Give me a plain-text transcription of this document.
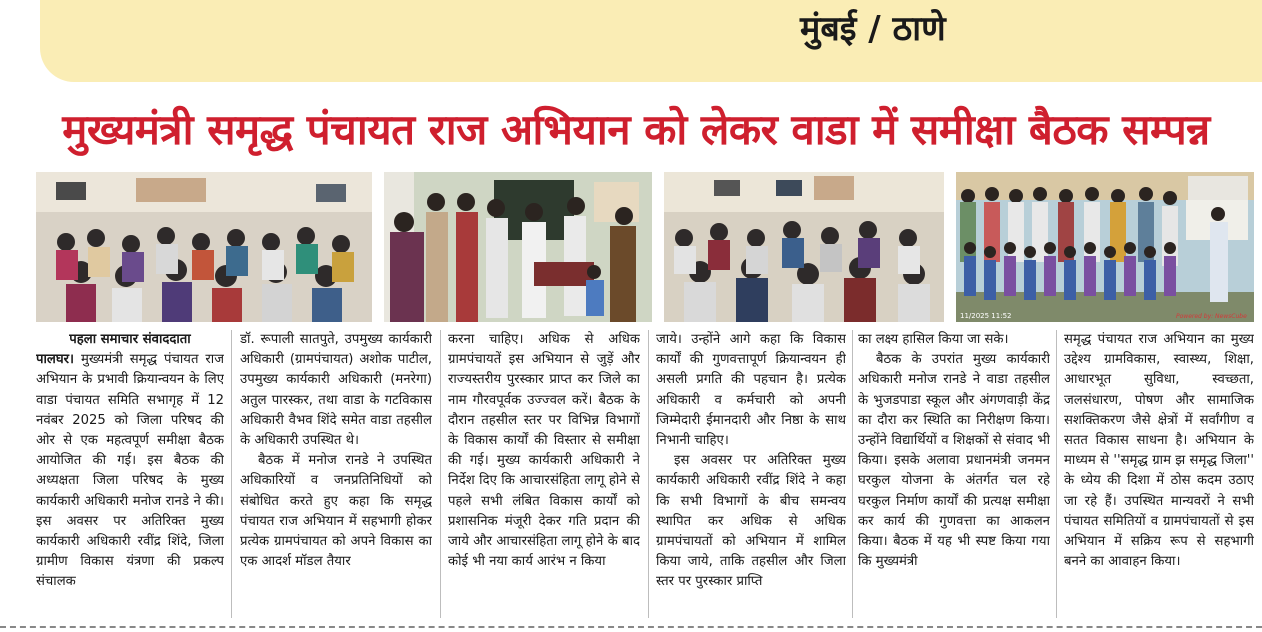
मुंबई / ठाणे
मुख्यमंत्री समृद्ध पंचायत राज अभियान को लेकर वाडा में समीक्षा बैठक सम्पन्न
11/2025 11:52	Powered by: NewsCube
पहला समाचार संवाददाता

पालघर। मुख्यमंत्री समृद्ध पंचायत राज अभियान के प्रभावी क्रियान्वयन के लिए वाडा पंचायत समिति सभागृह में 12 नवंबर 2025 को जिला परिषद की ओर से एक महत्वपूर्ण समीक्षा बैठक आयोजित की गई। इस बैठक की अध्यक्षता जिला परिषद के मुख्य कार्यकारी अधिकारी मनोज रानडे ने की। इस अवसर पर अतिरिक्त मुख्य कार्यकारी अधिकारी रवींद्र शिंदे, जिला ग्रामीण विकास यंत्रणा की प्रकल्प संचालक

डॉ. रूपाली सातपुते, उपमुख्य कार्यकारी अधिकारी (ग्रामपंचायत) अशोक पाटील, उपमुख्य कार्यकारी अधिकारी (मनरेगा) अतुल पारस्कर, तथा वाडा के गटविकास अधिकारी वैभव शिंदे समेत वाडा तहसील के अधिकारी उपस्थित थे।

बैठक में मनोज रानडे ने उपस्थित अधिकारियों व जनप्रतिनिधियों को संबोधित करते हुए कहा कि समृद्ध पंचायत राज अभियान में सहभागी होकर प्रत्येक ग्रामपंचायत को अपने विकास का एक आदर्श मॉडल तैयार

करना चाहिए। अधिक से अधिक ग्रामपंचायतें इस अभियान से जुड़ें और राज्यस्तरीय पुरस्कार प्राप्त कर जिले का नाम गौरवपूर्वक उज्ज्वल करें। बैठक के दौरान तहसील स्तर पर विभिन्न विभागों के विकास कार्यों की विस्तार से समीक्षा की गई। मुख्य कार्यकारी अधिकारी ने निर्देश दिए कि आचारसंहिता लागू होने से पहले सभी लंबित विकास कार्यों को प्रशासनिक मंजूरी देकर गति प्रदान की जाये और आचारसंहिता लागू होने के बाद कोई भी नया कार्य आरंभ न किया

जाये। उन्होंने आगे कहा कि विकास कार्यों की गुणवत्तापूर्ण क्रियान्वयन ही असली प्रगति की पहचान है। प्रत्येक अधिकारी व कर्मचारी को अपनी जिम्मेदारी ईमानदारी और निष्ठा के साथ निभानी चाहिए।

इस अवसर पर अतिरिक्त मुख्य कार्यकारी अधिकारी रवींद्र शिंदे ने कहा कि सभी विभागों के बीच समन्वय स्थापित कर अधिक से अधिक ग्रामपंचायतों को अभियान में शामिल किया जाये, ताकि तहसील और जिला स्तर पर पुरस्कार प्राप्ति

का लक्ष्य हासिल किया जा सके।

बैठक के उपरांत मुख्य कार्यकारी अधिकारी मनोज रानडे ने वाडा तहसील के भुजडपाडा स्कूल और अंगणवाड़ी केंद्र का दौरा कर स्थिति का निरीक्षण किया। उन्होंने विद्यार्थियों व शिक्षकों से संवाद भी किया। इसके अलावा प्रधानमंत्री जनमन घरकुल योजना के अंतर्गत चल रहे घरकुल निर्माण कार्यों की प्रत्यक्ष समीक्षा कर कार्य की गुणवत्ता का आकलन किया। बैठक में यह भी स्पष्ट किया गया कि मुख्यमंत्री

समृद्ध पंचायत राज अभियान का मुख्य उद्देश्य ग्रामविकास, स्वास्थ्य, शिक्षा, आधारभूत सुविधा, स्वच्छता, जलसंधारण, पोषण और सामाजिक सशक्तिकरण जैसे क्षेत्रों में सर्वांगीण व सतत विकास साधना है। अभियान के माध्यम से ''समृद्ध ग्राम झ समृद्ध जिला'' के ध्येय की दिशा में ठोस कदम उठाए जा रहे हैं। उपस्थित मान्यवरों ने सभी पंचायत समितियों व ग्रामपंचायतों से इस अभियान में सक्रिय रूप से सहभागी बनने का आवाहन किया।
